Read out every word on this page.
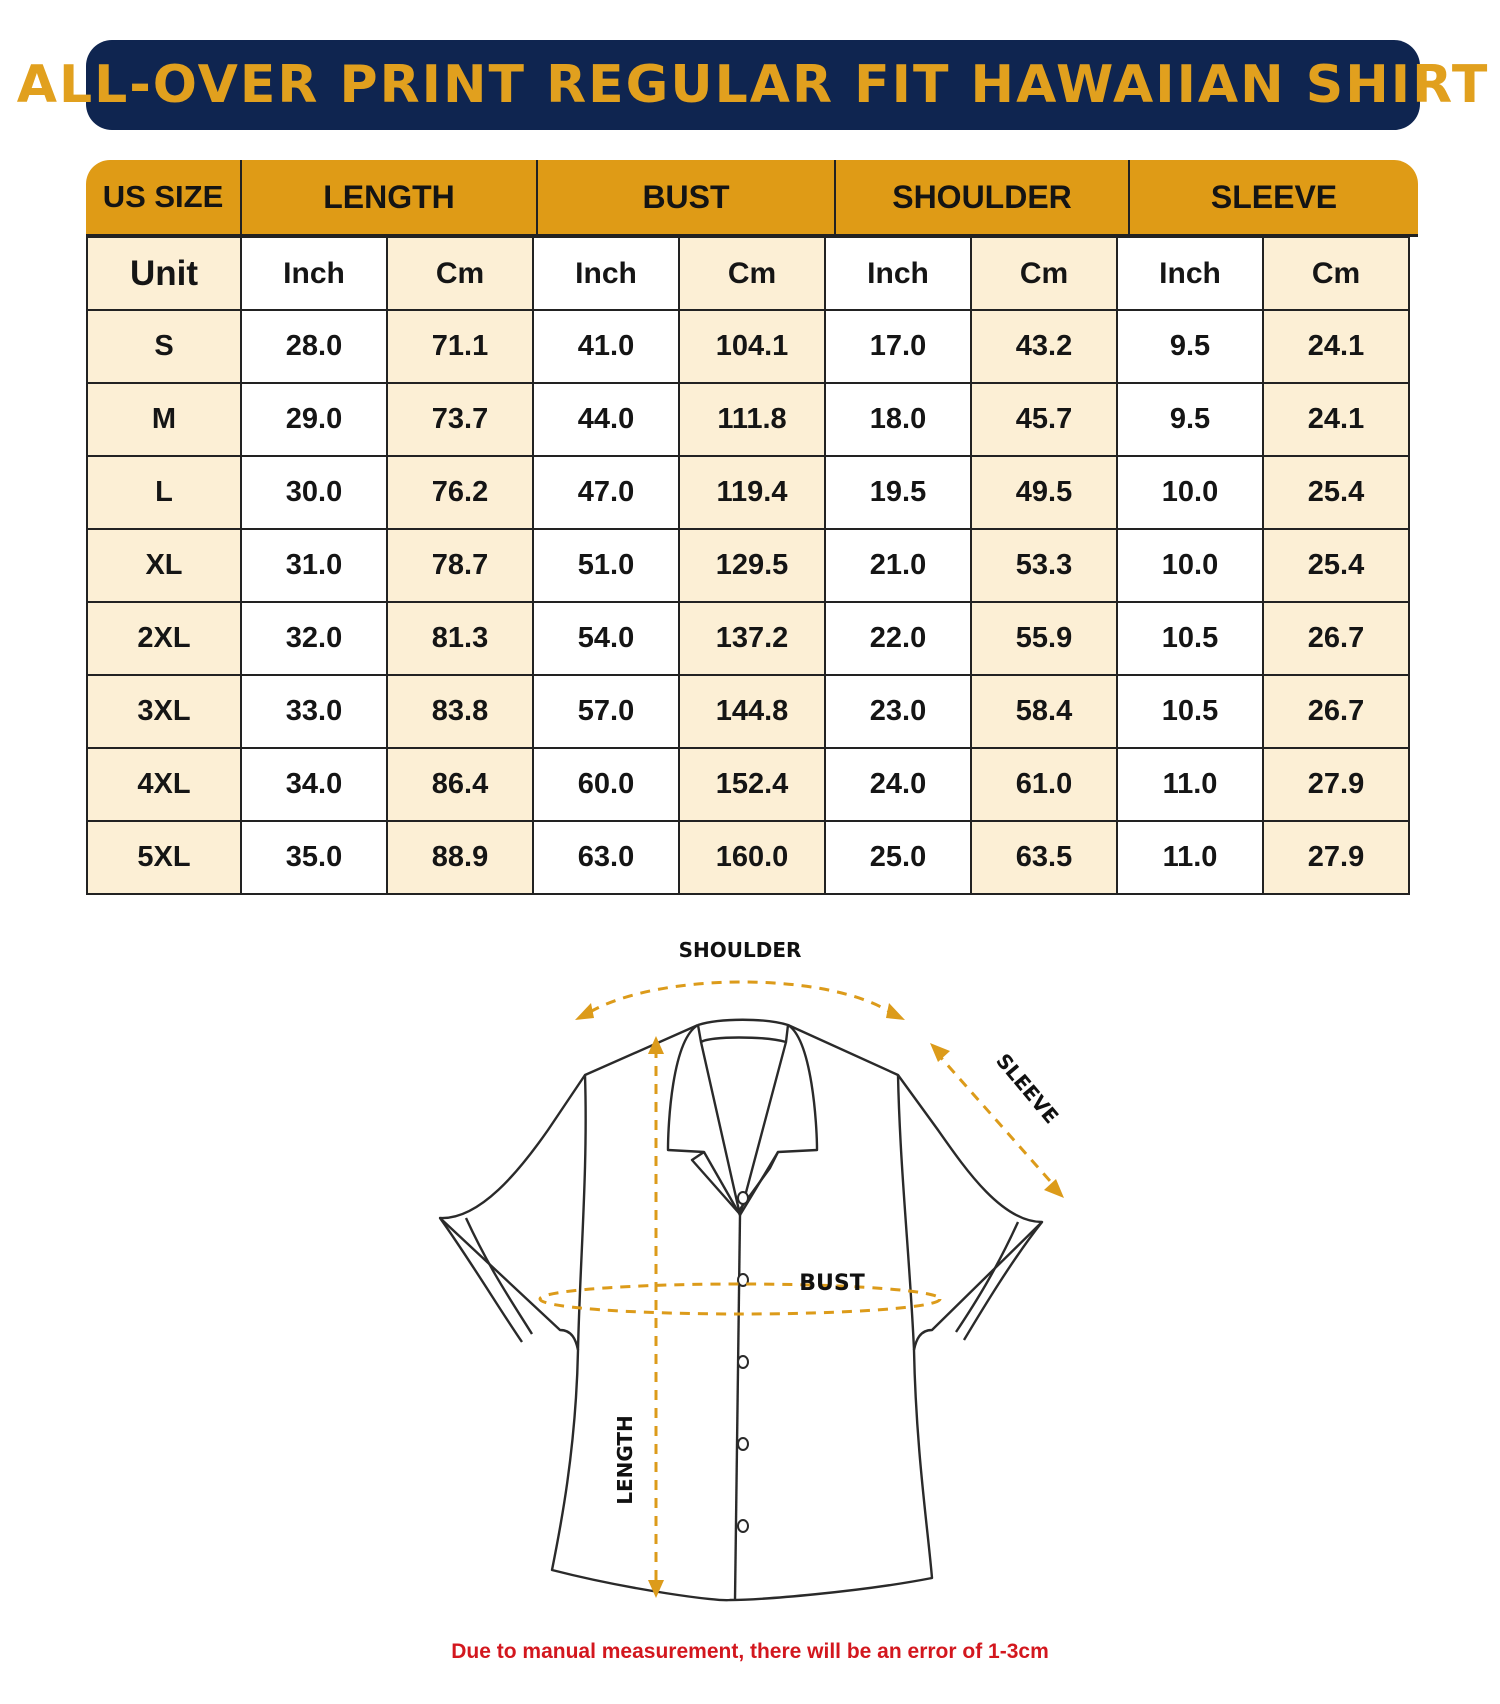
ALL-OVER PRINT REGULAR FIT HAWAIIAN SHIRT
US SIZE	LENGTH	BUST	SHOULDER	SLEEVE
Unit	Inch	Cm	Inch	Cm	Inch	Cm	Inch	Cm
S	28.0	71.1	41.0	104.1	17.0	43.2	9.5	24.1
M	29.0	73.7	44.0	111.8	18.0	45.7	9.5	24.1
L	30.0	76.2	47.0	119.4	19.5	49.5	10.0	25.4
XL	31.0	78.7	51.0	129.5	21.0	53.3	10.0	25.4
2XL	32.0	81.3	54.0	137.2	22.0	55.9	10.5	26.7
3XL	33.0	83.8	57.0	144.8	23.0	58.4	10.5	26.7
4XL	34.0	86.4	60.0	152.4	24.0	61.0	11.0	27.9
5XL	35.0	88.9	63.0	160.0	25.0	63.5	11.0	27.9
SHOULDER
SLEEVE
BUST
LENGTH
Due to manual measurement, there will be an error of 1-3cm
